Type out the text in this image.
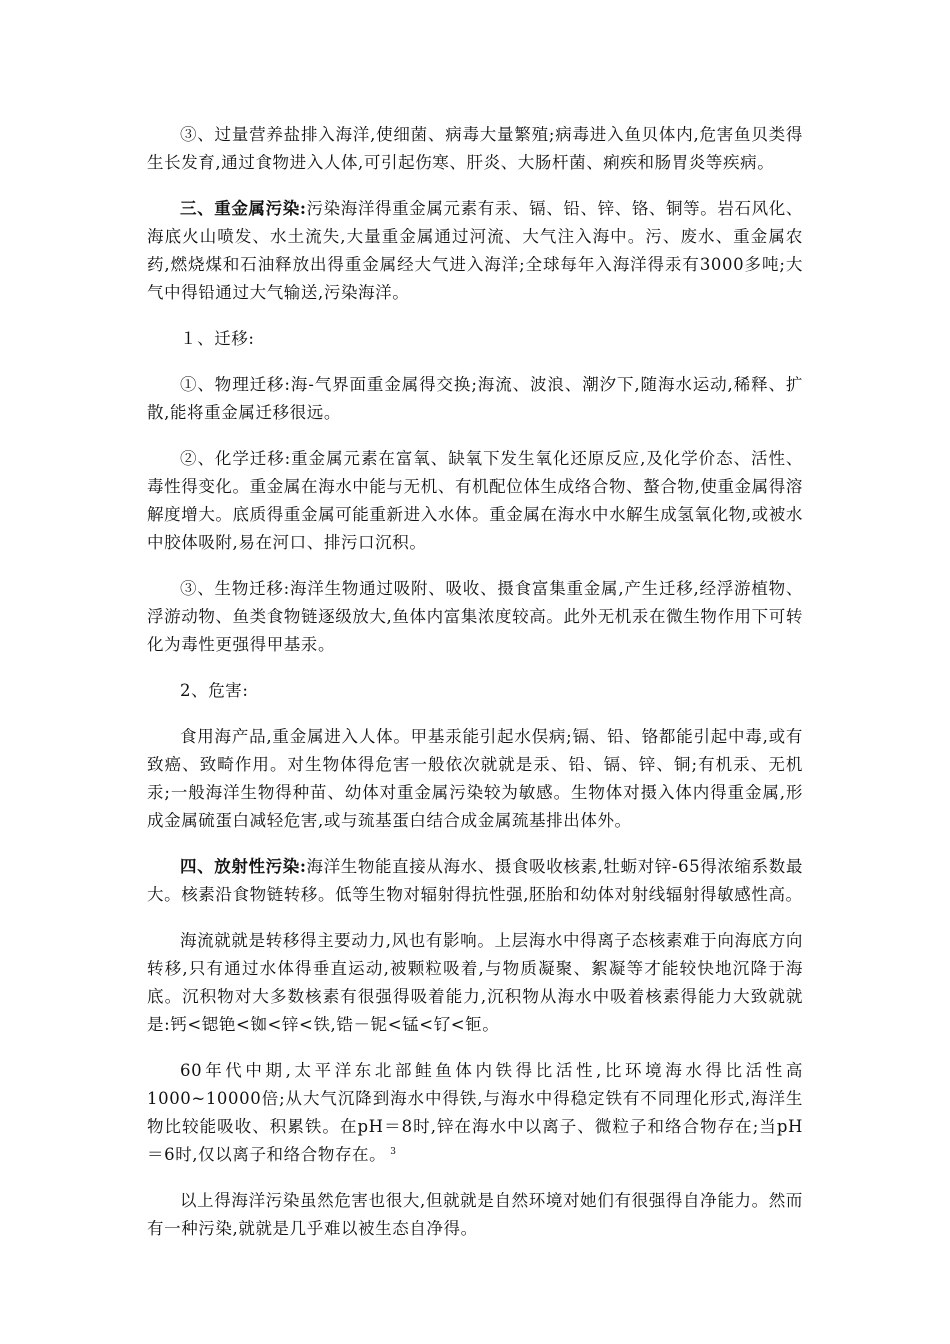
③、过量营养盐排入海洋,使细菌、病毒大量繁殖;病毒进入鱼贝体内,危害鱼贝类得生长发育,通过食物进入人体,可引起伤寒、肝炎、大肠杆菌、痢疾和肠胃炎等疾病。

三、重金属污染:污染海洋得重金属元素有汞、镉、铅、锌、铬、铜等。岩石风化、海底火山喷发、水土流失,大量重金属通过河流、大气注入海中。污、废水、重金属农药,燃烧煤和石油释放出得重金属经大气进入海洋;全球每年入海洋得汞有3000多吨;大气中得铅通过大气输送,污染海洋。

１、迁移:

①、物理迁移:海-气界面重金属得交换;海流、波浪、潮汐下,随海水运动,稀释、扩散,能将重金属迁移很远。

②、化学迁移:重金属元素在富氧、缺氧下发生氧化还原反应,及化学价态、活性、毒性得变化。重金属在海水中能与无机、有机配位体生成络合物、螯合物,使重金属得溶解度增大。底质得重金属可能重新进入水体。重金属在海水中水解生成氢氧化物,或被水中胶体吸附,易在河口、排污口沉积。

③、生物迁移:海洋生物通过吸附、吸收、摄食富集重金属,产生迁移,经浮游植物、浮游动物、鱼类食物链逐级放大,鱼体内富集浓度较高。此外无机汞在微生物作用下可转化为毒性更强得甲基汞。

2、危害:

食用海产品,重金属进入人体。甲基汞能引起水俣病;镉、铅、铬都能引起中毒,或有致癌、致畸作用。对生物体得危害一般依次就就是汞、铅、镉、锌、铜;有机汞、无机汞;一般海洋生物得种苗、幼体对重金属污染较为敏感。生物体对摄入体内得重金属,形成金属硫蛋白减轻危害,或与巯基蛋白结合成金属巯基排出体外。

四、放射性污染:海洋生物能直接从海水、摄食吸收核素,牡蛎对锌-65得浓缩系数最大。核素沿食物链转移。低等生物对辐射得抗性强,胚胎和幼体对射线辐射得敏感性高。

海流就就是转移得主要动力,风也有影响。上层海水中得离子态核素难于向海底方向转移,只有通过水体得垂直运动,被颗粒吸着,与物质凝聚、絮凝等才能较快地沉降于海底。沉积物对大多数核素有很强得吸着能力,沉积物从海水中吸着核素得能力大致就就是:钙<锶铯<铷<锌<铁,锆－铌<锰<钌<钷。

60年代中期,太平洋东北部鲑鱼体内铁得比活性,比环境海水得比活性高1000~10000倍;从大气沉降到海水中得铁,与海水中得稳定铁有不同理化形式,海洋生物比较能吸收、积累铁。在pH＝8时,锌在海水中以离子、微粒子和络合物存在;当pH＝6时,仅以离子和络合物存在。 $^3$

以上得海洋污染虽然危害也很大,但就就是自然环境对她们有很强得自净能力。然而有一种污染,就就是几乎难以被生态自净得。
